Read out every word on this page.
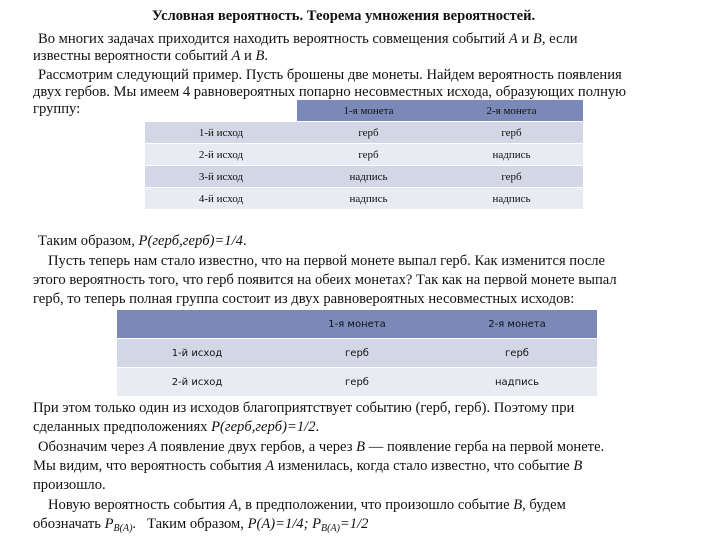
Условная вероятность. Теорема умножения вероятностей.
Во многих задачах приходится находить вероятность совмещения событий A и B, если
известны вероятности событий A и B.
Рассмотрим следующий пример. Пусть брошены две монеты. Найдем вероятность появления
двух гербов. Мы имеем 4 равновероятных попарно несовместных исхода, образующих полную
группу:
		1-я монета	2-я монета
1-й исход	герб	герб
2-й исход	герб	надпись
3-й исход	надпись	герб
4-й исход	надпись	надпись
Таким образом, P(герб,герб)=1/4.
Пусть теперь нам стало известно, что на первой монете выпал герб. Как изменится после
этого вероятность того, что герб появится на обеих монетах? Так как на первой монете выпал
герб, то теперь полная группа состоит из двух равновероятных несовместных исходов:
	1-я монета	2-я монета
1-й исход	герб	герб
2-й исход	герб	надпись
При этом только один из исходов благоприятствует событию (герб, герб). Поэтому при
сделанных предположениях P(герб,герб)=1/2.
Обозначим через A появление двух гербов, а через B — появление герба на первой монете.
Мы видим, что вероятность события A изменилась, когда стало известно, что событие B
произошло.
Новую вероятность события A, в предположении, что произошло событие B, будем
обозначать $P_{B(A)}$.   Таким образом, P(A)=1/4; $P_{B(A)}=1/2$
